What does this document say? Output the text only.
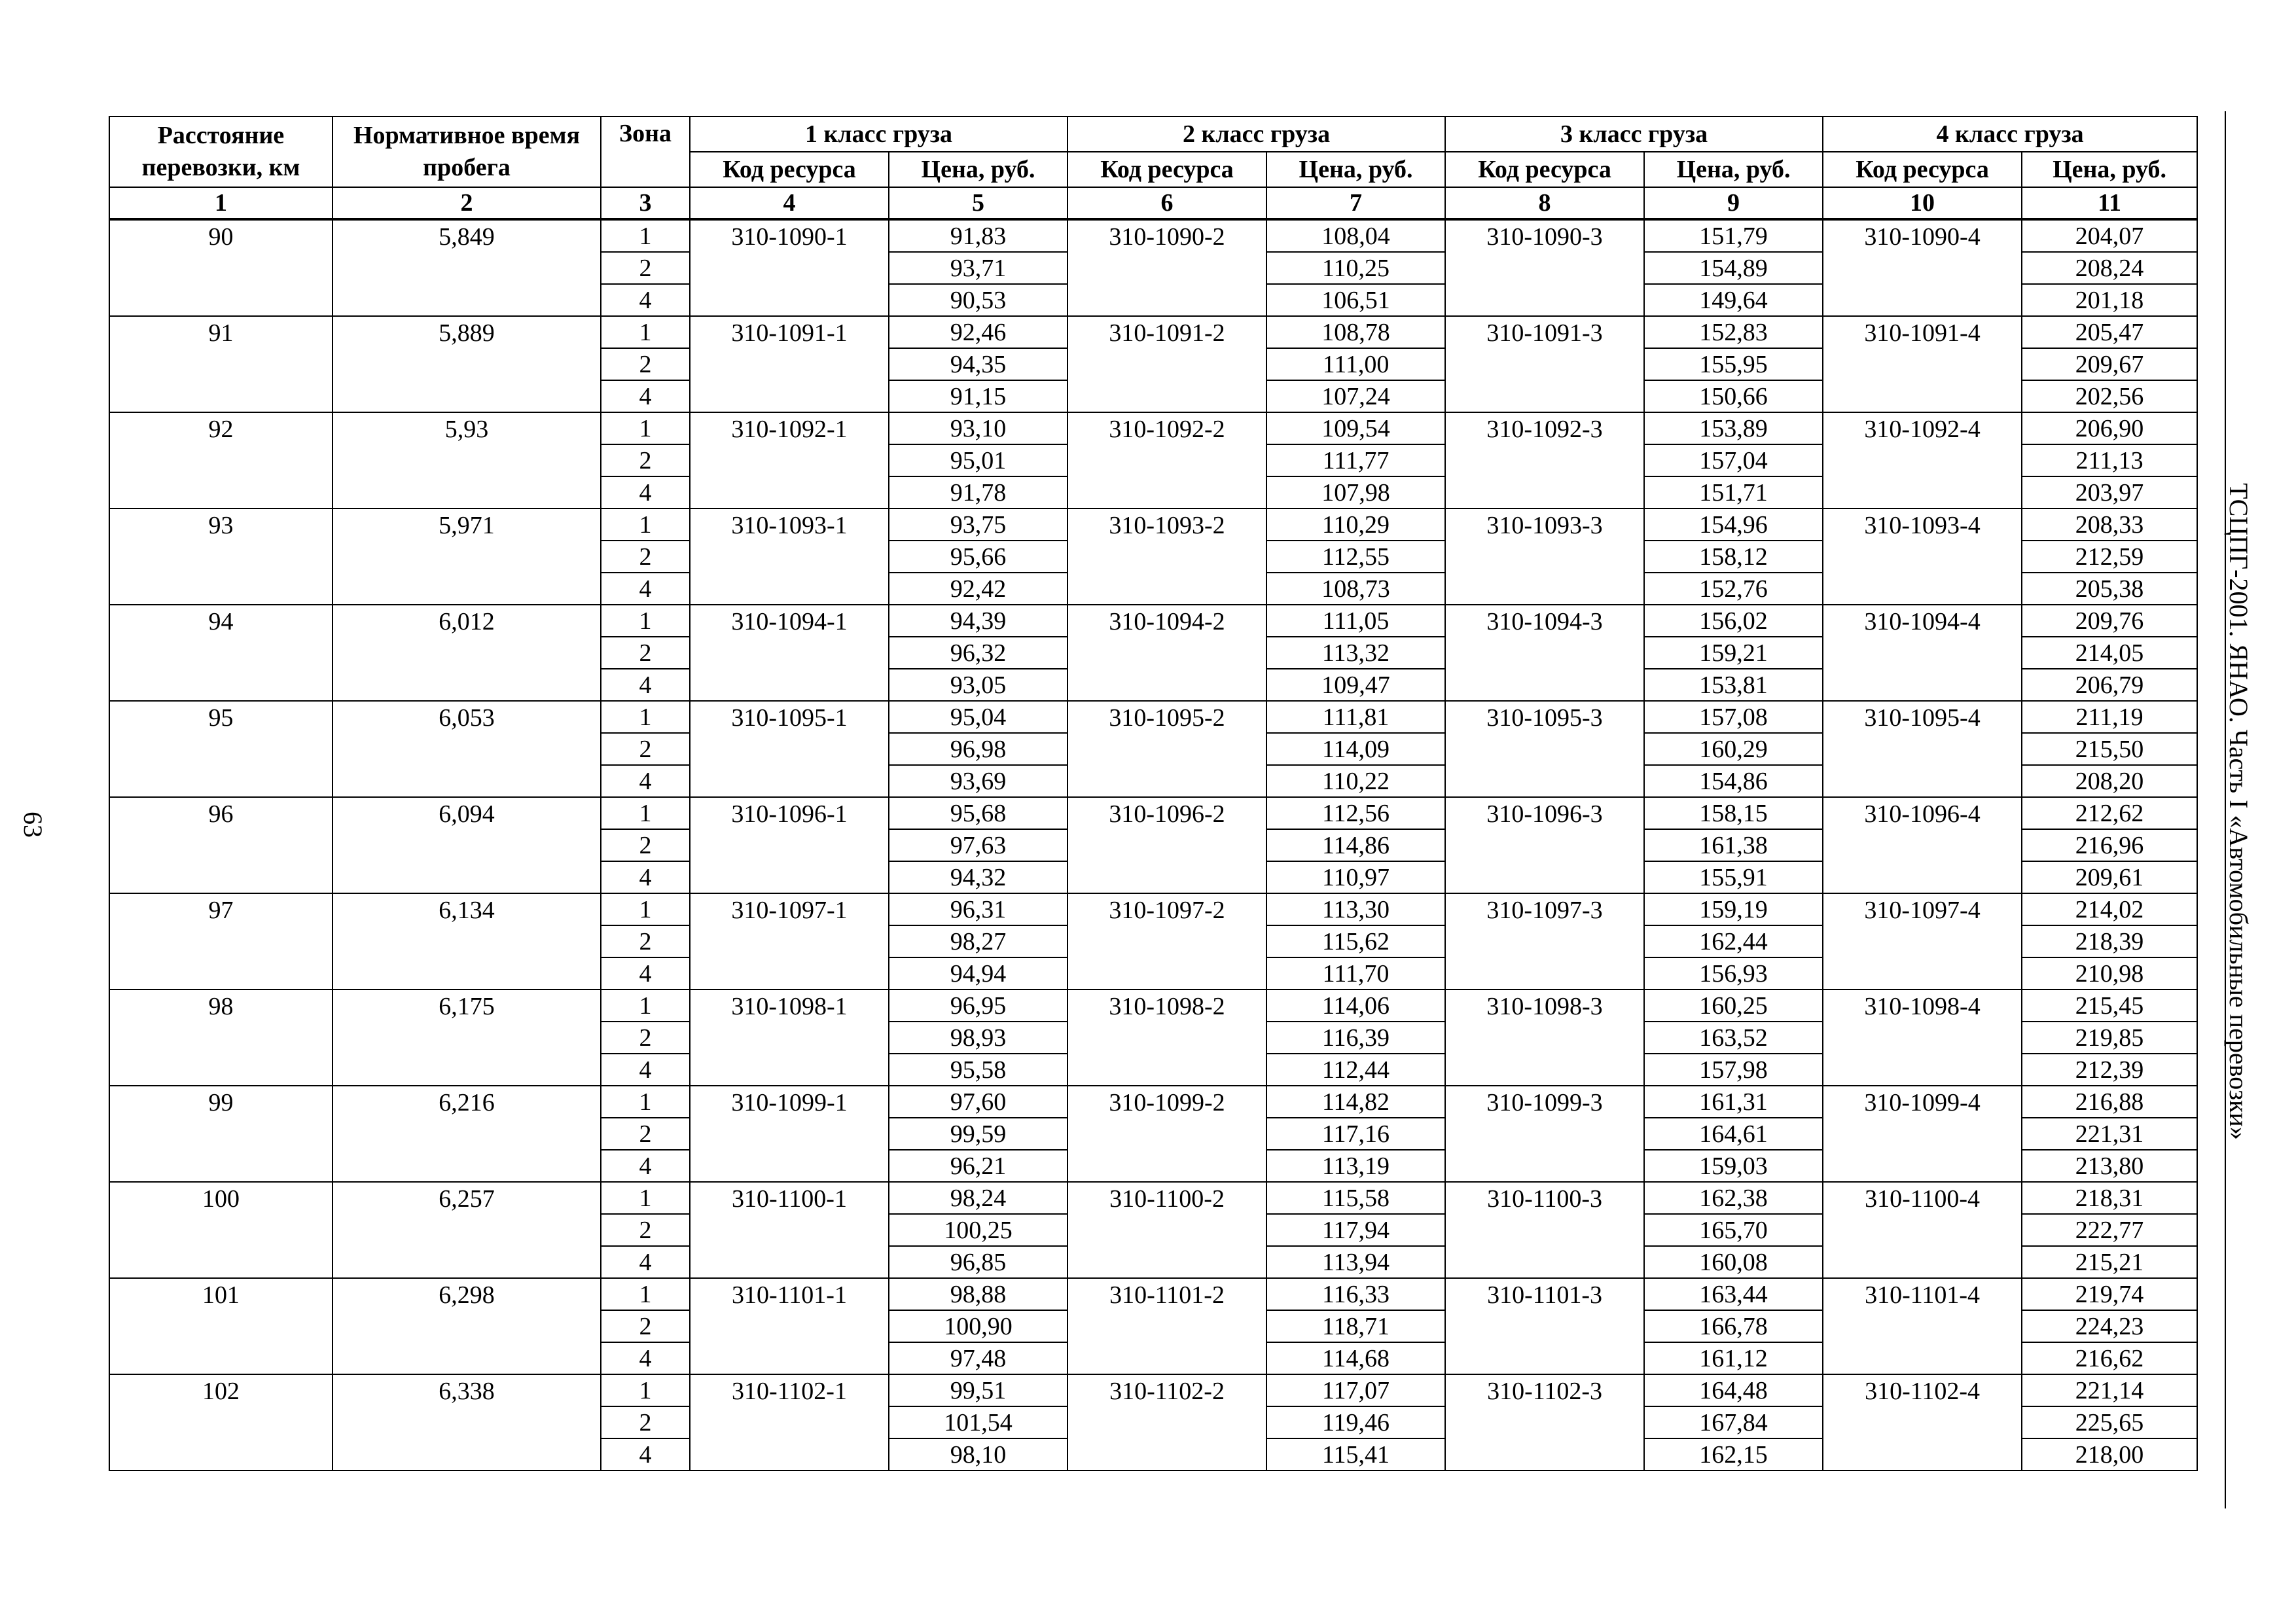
63	ТСЦПГ-2001. ЯНАО. Часть I «Автомобильные перевозки»
Расстояние перевозки, км	Нормативное время пробега	Зона	1 класс груза		2 класс груза		3 класс груза		4 класс груза	
			Код ресурса	Цена, руб.	Код ресурса	Цена, руб.	Код ресурса	Цена, руб.	Код ресурса	Цена, руб.
1	2	3	4	5	6	7	8	9	10	11
90	5,849	1	310-1090-1	91,83	310-1090-2	108,04	310-1090-3	151,79	310-1090-4	204,07
		2		93,71		110,25		154,89		208,24
		4		90,53		106,51		149,64		201,18
91	5,889	1	310-1091-1	92,46	310-1091-2	108,78	310-1091-3	152,83	310-1091-4	205,47
		2		94,35		111,00		155,95		209,67
		4		91,15		107,24		150,66		202,56
92	5,93	1	310-1092-1	93,10	310-1092-2	109,54	310-1092-3	153,89	310-1092-4	206,90
		2		95,01		111,77		157,04		211,13
		4		91,78		107,98		151,71		203,97
93	5,971	1	310-1093-1	93,75	310-1093-2	110,29	310-1093-3	154,96	310-1093-4	208,33
		2		95,66		112,55		158,12		212,59
		4		92,42		108,73		152,76		205,38
94	6,012	1	310-1094-1	94,39	310-1094-2	111,05	310-1094-3	156,02	310-1094-4	209,76
		2		96,32		113,32		159,21		214,05
		4		93,05		109,47		153,81		206,79
95	6,053	1	310-1095-1	95,04	310-1095-2	111,81	310-1095-3	157,08	310-1095-4	211,19
		2		96,98		114,09		160,29		215,50
		4		93,69		110,22		154,86		208,20
96	6,094	1	310-1096-1	95,68	310-1096-2	112,56	310-1096-3	158,15	310-1096-4	212,62
		2		97,63		114,86		161,38		216,96
		4		94,32		110,97		155,91		209,61
97	6,134	1	310-1097-1	96,31	310-1097-2	113,30	310-1097-3	159,19	310-1097-4	214,02
		2		98,27		115,62		162,44		218,39
		4		94,94		111,70		156,93		210,98
98	6,175	1	310-1098-1	96,95	310-1098-2	114,06	310-1098-3	160,25	310-1098-4	215,45
		2		98,93		116,39		163,52		219,85
		4		95,58		112,44		157,98		212,39
99	6,216	1	310-1099-1	97,60	310-1099-2	114,82	310-1099-3	161,31	310-1099-4	216,88
		2		99,59		117,16		164,61		221,31
		4		96,21		113,19		159,03		213,80
100	6,257	1	310-1100-1	98,24	310-1100-2	115,58	310-1100-3	162,38	310-1100-4	218,31
		2		100,25		117,94		165,70		222,77
		4		96,85		113,94		160,08		215,21
101	6,298	1	310-1101-1	98,88	310-1101-2	116,33	310-1101-3	163,44	310-1101-4	219,74
		2		100,90		118,71		166,78		224,23
		4		97,48		114,68		161,12		216,62
102	6,338	1	310-1102-1	99,51	310-1102-2	117,07	310-1102-3	164,48	310-1102-4	221,14
		2		101,54		119,46		167,84		225,65
		4		98,10		115,41		162,15		218,00
